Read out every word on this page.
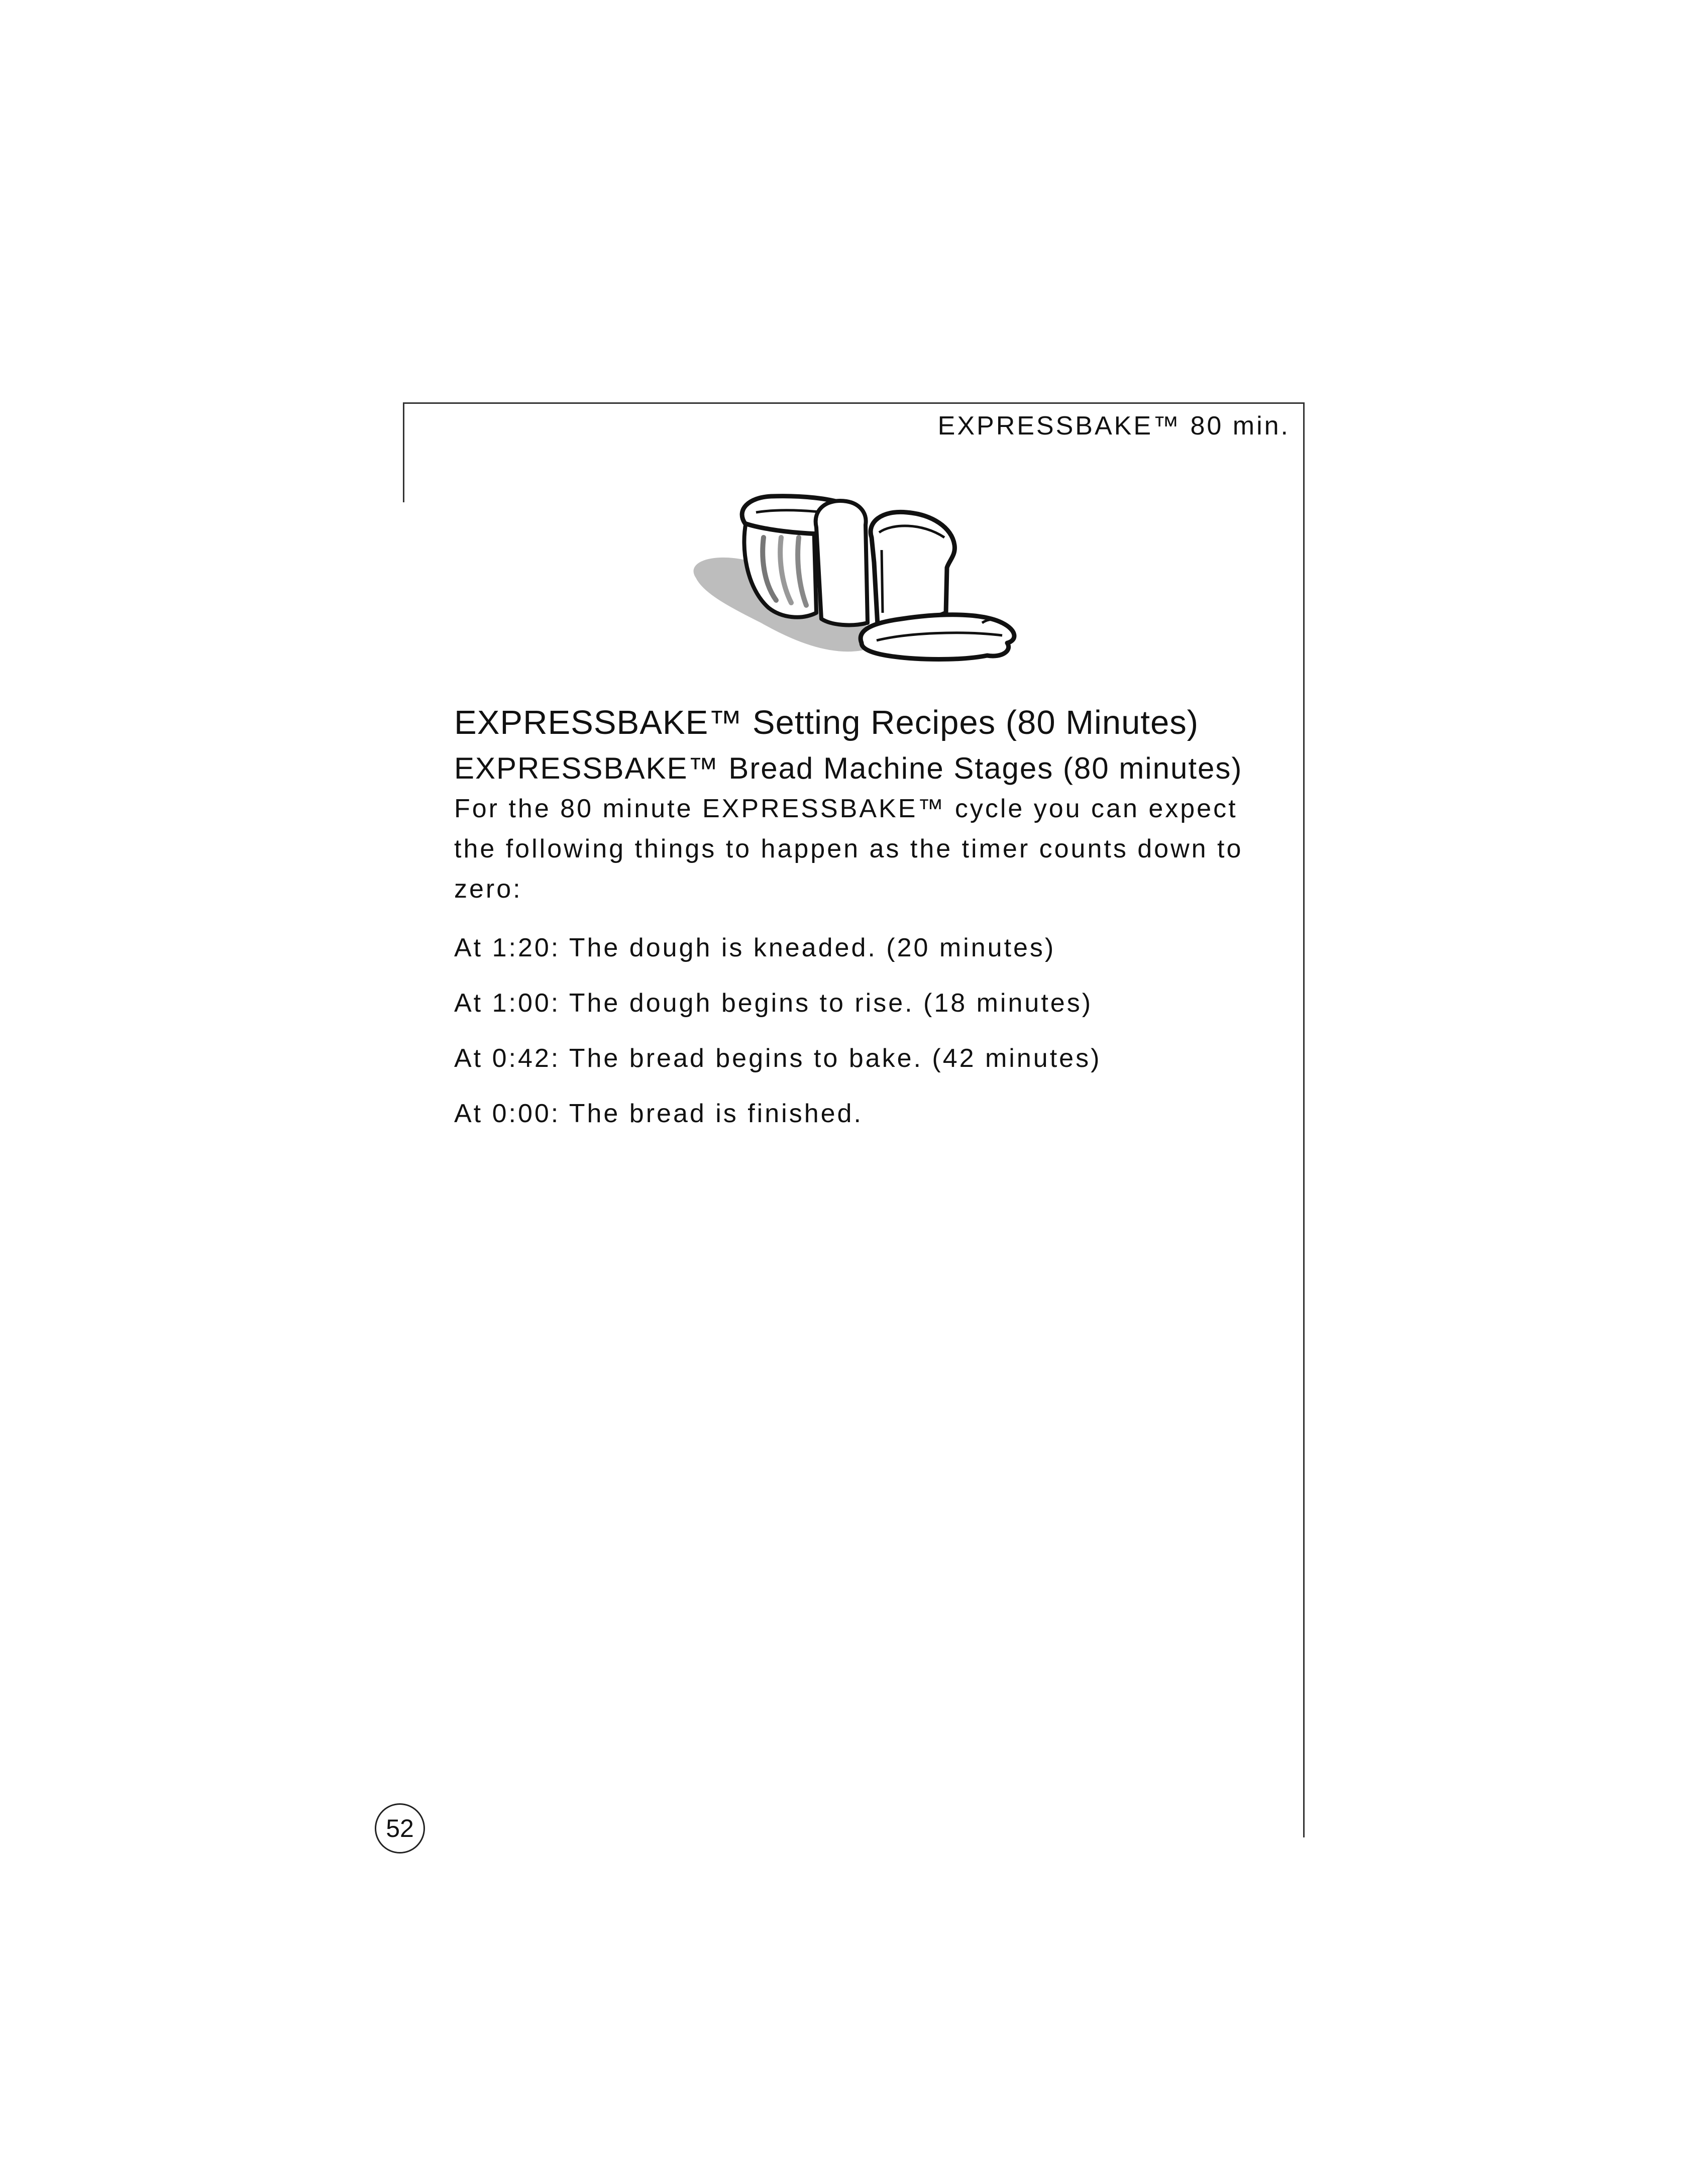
EXPRESSBAKE™ 80 min.
EXPRESSBAKE™ Setting Recipes (80 Minutes)
EXPRESSBAKE™ Bread Machine Stages (80 minutes)

For the 80 minute EXPRESSBAKE™ cycle you can expect the following things to happen as the timer counts down to zero:

At 1:20: The dough is kneaded. (20 minutes)
At 1:00: The dough begins to rise. (18 minutes)
At 0:42: The bread begins to bake. (42 minutes)
At 0:00: The bread is finished.
52
